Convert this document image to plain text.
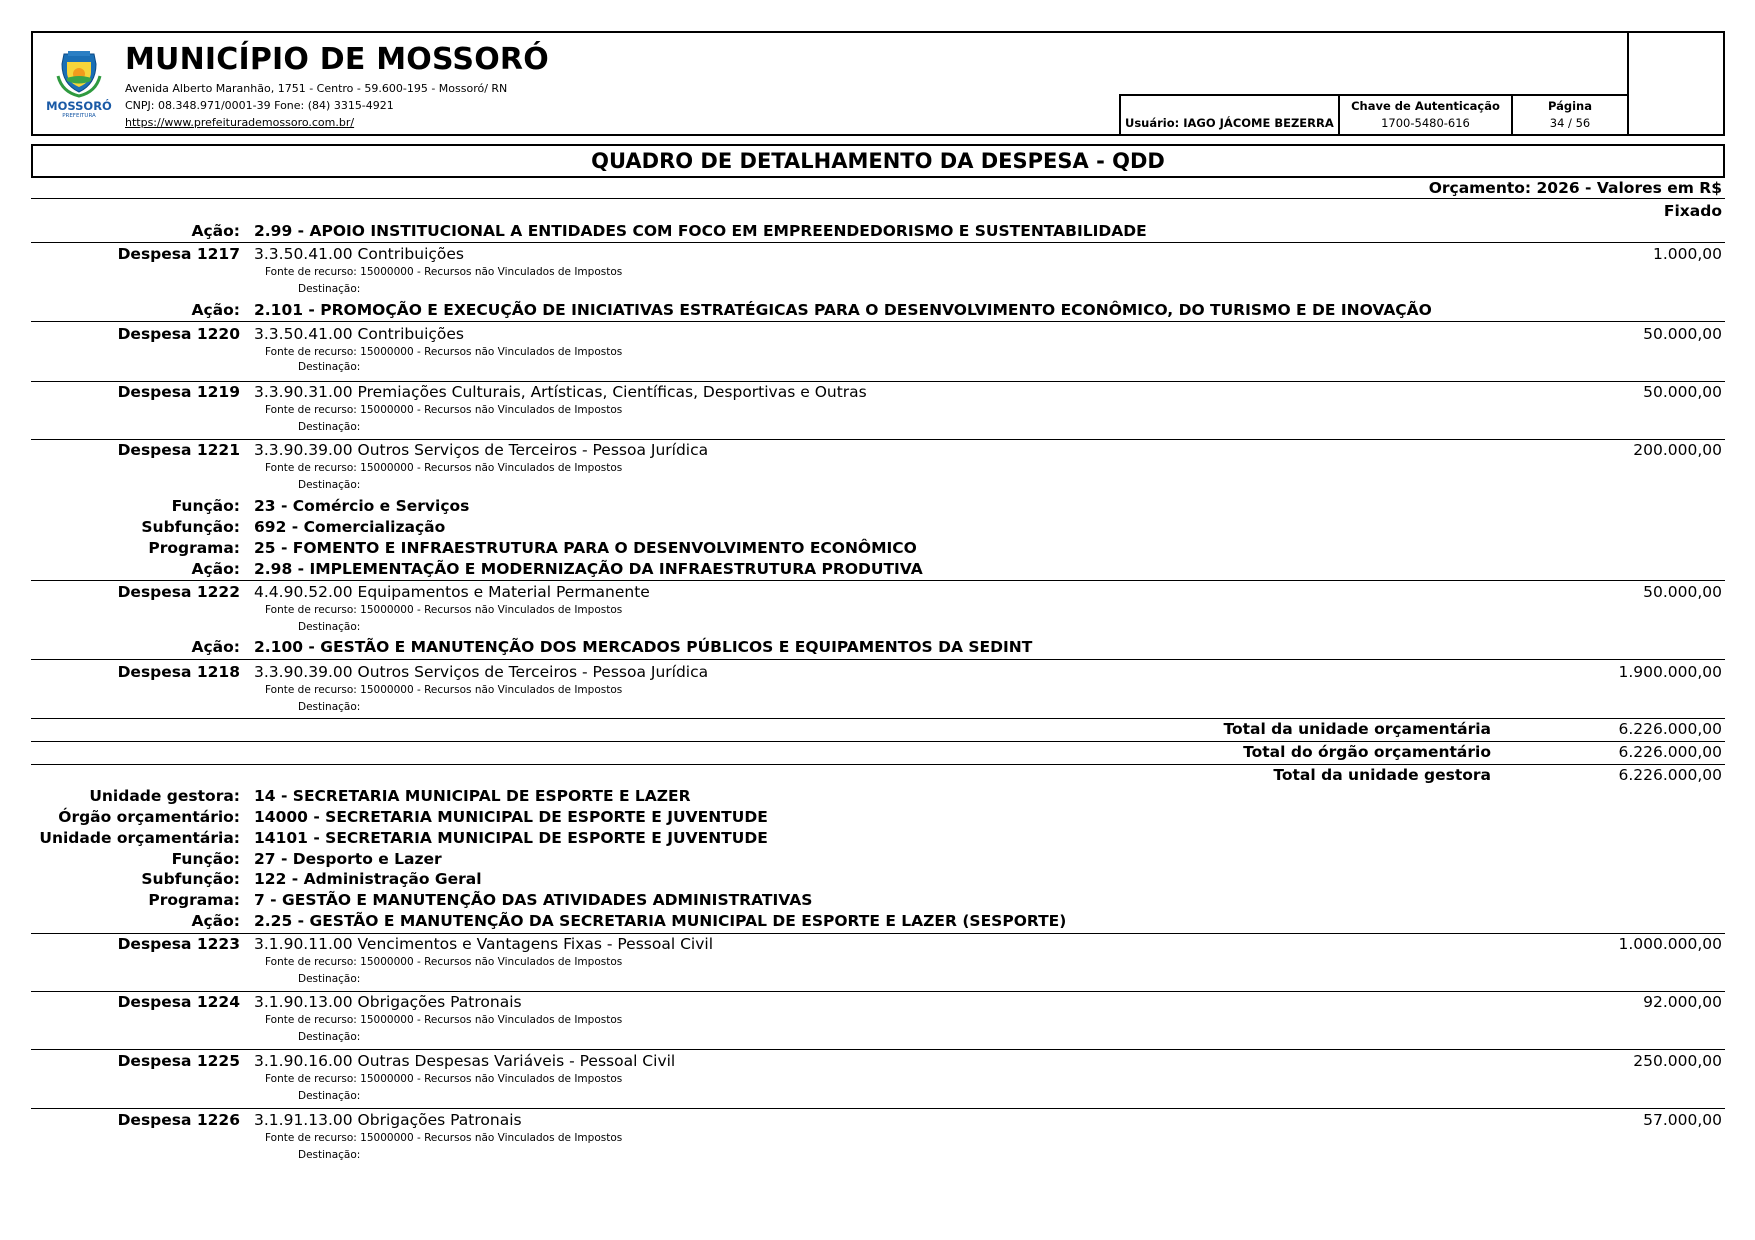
MOSSORÓ
PREFEITURA
MUNICÍPIO DE MOSSORÓ
Avenida Alberto Maranhão, 1751 - Centro - 59.600-195 - Mossoró/ RN
CNPJ: 08.348.971/0001-39 Fone: (84) 3315-4921
https://www.prefeiturademossoro.com.br/	Usuário: IAGO JÁCOME BEZERRA
Chave de Autenticação
1700-5480-616
Página
34 / 56
QUADRO DE DETALHAMENTO DA DESPESA - QDD
Orçamento: 2026 - Valores em R$
Fixado
Ação: 2.99 - APOIO INSTITUCIONAL A ENTIDADES COM FOCO EM EMPREENDEDORISMO E SUSTENTABILIDADE
Despesa 1217 3.3.50.41.00 Contribuições	1.000,00
Fonte de recurso: 15000000 - Recursos não Vinculados de Impostos
Destinação:
Ação: 2.101 - PROMOÇÃO E EXECUÇÃO DE INICIATIVAS ESTRATÉGICAS PARA O DESENVOLVIMENTO ECONÔMICO, DO TURISMO E DE INOVAÇÃO
Despesa 1220 3.3.50.41.00 Contribuições	50.000,00
Fonte de recurso: 15000000 - Recursos não Vinculados de Impostos
Destinação:
Despesa 1219 3.3.90.31.00 Premiações Culturais, Artísticas, Científicas, Desportivas e Outras	50.000,00
Fonte de recurso: 15000000 - Recursos não Vinculados de Impostos
Destinação:
Despesa 1221 3.3.90.39.00 Outros Serviços de Terceiros - Pessoa Jurídica	200.000,00
Fonte de recurso: 15000000 - Recursos não Vinculados de Impostos
Destinação:
Função: 23 - Comércio e Serviços
Subfunção: 692 - Comercialização
Programa: 25 - FOMENTO E INFRAESTRUTURA PARA O DESENVOLVIMENTO ECONÔMICO
Ação: 2.98 - IMPLEMENTAÇÃO E MODERNIZAÇÃO DA INFRAESTRUTURA PRODUTIVA
Despesa 1222 4.4.90.52.00 Equipamentos e Material Permanente	50.000,00
Fonte de recurso: 15000000 - Recursos não Vinculados de Impostos
Destinação:
Ação: 2.100 - GESTÃO E MANUTENÇÃO DOS MERCADOS PÚBLICOS E EQUIPAMENTOS DA SEDINT
Despesa 1218 3.3.90.39.00 Outros Serviços de Terceiros - Pessoa Jurídica	1.900.000,00
Fonte de recurso: 15000000 - Recursos não Vinculados de Impostos
Destinação:
Total da unidade orçamentária	6.226.000,00
Total do órgão orçamentário	6.226.000,00
Total da unidade gestora	6.226.000,00
Unidade gestora: 14 - SECRETARIA MUNICIPAL DE ESPORTE E LAZER
Órgão orçamentário: 14000 - SECRETARIA MUNICIPAL DE ESPORTE E JUVENTUDE
Unidade orçamentária: 14101 - SECRETARIA MUNICIPAL DE ESPORTE E JUVENTUDE
Função: 27 - Desporto e Lazer
Subfunção: 122 - Administração Geral
Programa: 7 - GESTÃO E MANUTENÇÃO DAS ATIVIDADES ADMINISTRATIVAS
Ação: 2.25 - GESTÃO E MANUTENÇÃO DA SECRETARIA MUNICIPAL DE ESPORTE E LAZER (SESPORTE)
Despesa 1223 3.1.90.11.00 Vencimentos e Vantagens Fixas - Pessoal Civil	1.000.000,00
Fonte de recurso: 15000000 - Recursos não Vinculados de Impostos
Destinação:
Despesa 1224 3.1.90.13.00 Obrigações Patronais	92.000,00
Fonte de recurso: 15000000 - Recursos não Vinculados de Impostos
Destinação:
Despesa 1225 3.1.90.16.00 Outras Despesas Variáveis - Pessoal Civil	250.000,00
Fonte de recurso: 15000000 - Recursos não Vinculados de Impostos
Destinação:
Despesa 1226 3.1.91.13.00 Obrigações Patronais	57.000,00
Fonte de recurso: 15000000 - Recursos não Vinculados de Impostos
Destinação:
